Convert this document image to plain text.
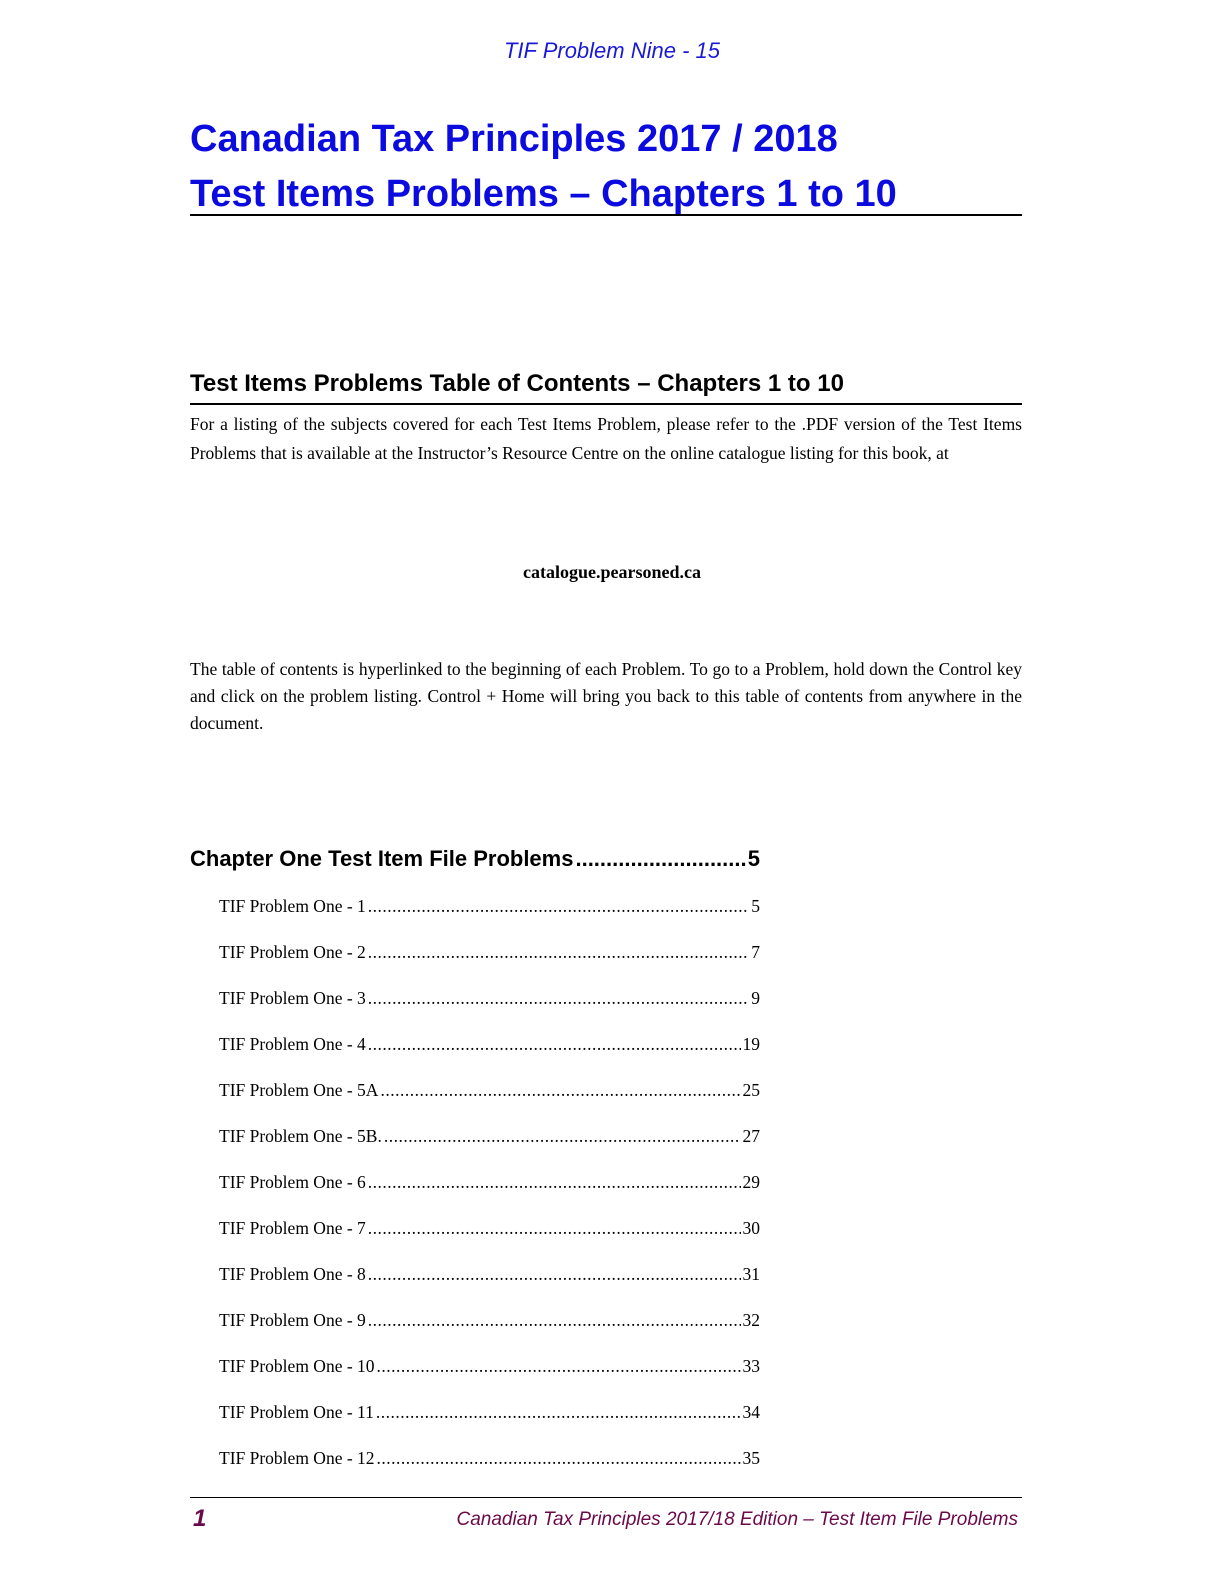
TIF Problem Nine - 15
Canadian Tax Principles 2017 / 2018
Test Items Problems – Chapters 1 to 10
Test Items Problems Table of Contents – Chapters 1 to 10
For a listing of the subjects covered for each Test Items Problem, please refer to the .PDF version of the Test Items Problems that is available at the Instructor’s Resource Centre on the online catalogue listing for this book, at
catalogue.pearsoned.ca
The table of contents is hyperlinked to the beginning of each Problem. To go to a Problem, hold down the Control key and click on the problem listing. Control + Home will bring you back to this table of contents from anywhere in the document.
Chapter One Test Item File Problems .....	5
TIF Problem One - 1 .....	5
TIF Problem One - 2 .....	7
TIF Problem One - 3 .....	9
TIF Problem One - 4 .....	19
TIF Problem One - 5A .....	25
TIF Problem One - 5B. .....	27
TIF Problem One - 6 .....	29
TIF Problem One - 7 .....	30
TIF Problem One - 8 .....	31
TIF Problem One - 9 .....	32
TIF Problem One - 10 .....	33
TIF Problem One - 11 .....	34
TIF Problem One - 12 .....	35
1	Canadian Tax Principles 2017/18 Edition – Test Item File Problems
